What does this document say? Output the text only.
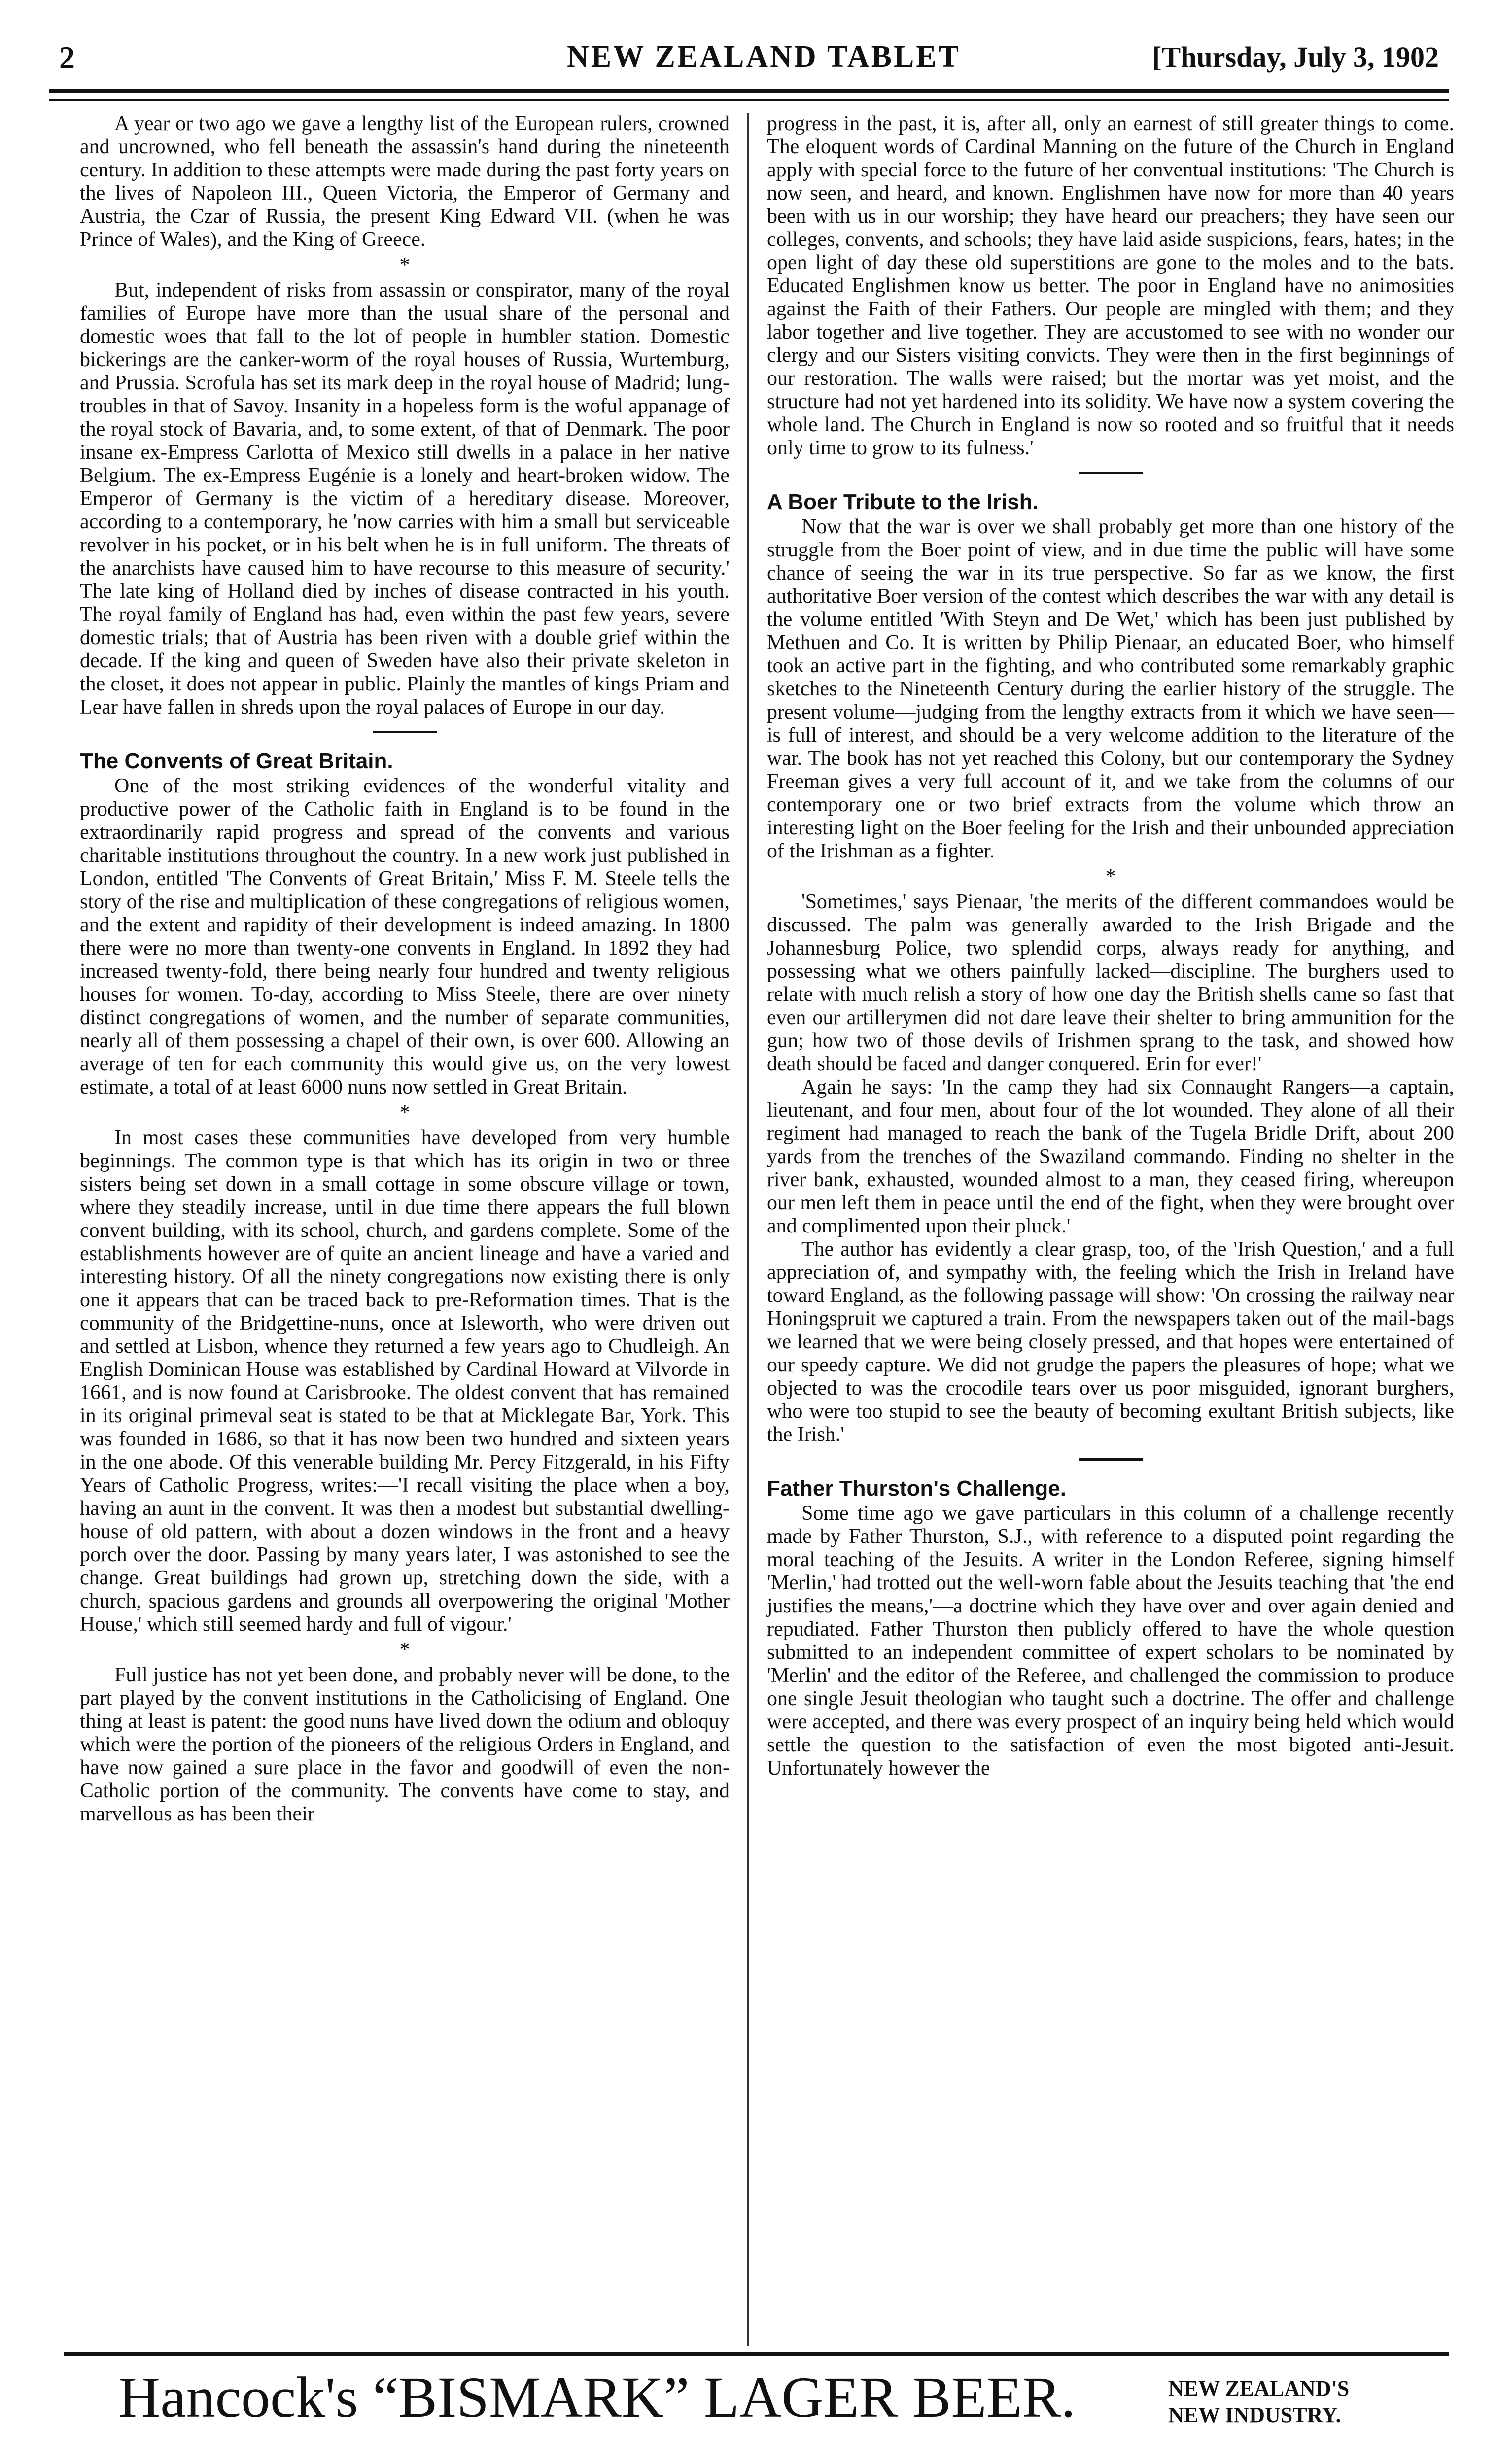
2	NEW ZEALAND TABLET	[Thursday, July 3, 1902

A year or two ago we gave a lengthy list of the European rulers, crowned and uncrowned, who fell beneath the assassin's hand during the nineteenth century. In addition to these attempts were made during the past forty years on the lives of Napoleon III., Queen Victoria, the Emperor of Germany and Austria, the Czar of Russia, the present King Edward VII. (when he was Prince of Wales), and the King of Greece.

*

But, independent of risks from assassin or conspirator, many of the royal families of Europe have more than the usual share of the personal and domestic woes that fall to the lot of people in humbler station. Domestic bickerings are the canker-worm of the royal houses of Russia, Wurtemburg, and Prussia. Scrofula has set its mark deep in the royal house of Madrid; lung-troubles in that of Savoy. Insanity in a hopeless form is the woful appanage of the royal stock of Bavaria, and, to some extent, of that of Denmark. The poor insane ex-Empress Carlotta of Mexico still dwells in a palace in her native Belgium. The ex-Empress Eugénie is a lonely and heart-broken widow. The Emperor of Germany is the victim of a hereditary disease. Moreover, according to a contemporary, he 'now carries with him a small but serviceable revolver in his pocket, or in his belt when he is in full uniform. The threats of the anarchists have caused him to have recourse to this measure of security.' The late king of Holland died by inches of disease contracted in his youth. The royal family of England has had, even within the past few years, severe domestic trials; that of Austria has been riven with a double grief within the decade. If the king and queen of Sweden have also their private skeleton in the closet, it does not appear in public. Plainly the mantles of kings Priam and Lear have fallen in shreds upon the royal palaces of Europe in our day.

The Convents of Great Britain.

One of the most striking evidences of the wonderful vitality and productive power of the Catholic faith in England is to be found in the extraordinarily rapid progress and spread of the convents and various charitable institutions throughout the country. In a new work just published in London, entitled 'The Convents of Great Britain,' Miss F. M. Steele tells the story of the rise and multiplication of these congregations of religious women, and the extent and rapidity of their development is indeed amazing. In 1800 there were no more than twenty-one convents in England. In 1892 they had increased twenty-fold, there being nearly four hundred and twenty religious houses for women. To-day, according to Miss Steele, there are over ninety distinct congregations of women, and the number of separate communities, nearly all of them possessing a chapel of their own, is over 600. Allowing an average of ten for each community this would give us, on the very lowest estimate, a total of at least 6000 nuns now settled in Great Britain.

*

In most cases these communities have developed from very humble beginnings. The common type is that which has its origin in two or three sisters being set down in a small cottage in some obscure village or town, where they steadily increase, until in due time there appears the full blown convent building, with its school, church, and gardens complete. Some of the establishments however are of quite an ancient lineage and have a varied and interesting history. Of all the ninety congregations now existing there is only one it appears that can be traced back to pre-Reformation times. That is the community of the Bridgettine-nuns, once at Isleworth, who were driven out and settled at Lisbon, whence they returned a few years ago to Chudleigh. An English Dominican House was established by Cardinal Howard at Vilvorde in 1661, and is now found at Carisbrooke. The oldest convent that has remained in its original primeval seat is stated to be that at Micklegate Bar, York. This was founded in 1686, so that it has now been two hundred and sixteen years in the one abode. Of this venerable building Mr. Percy Fitzgerald, in his Fifty Years of Catholic Progress, writes:—'I recall visiting the place when a boy, having an aunt in the convent. It was then a modest but substantial dwelling-house of old pattern, with about a dozen windows in the front and a heavy porch over the door. Passing by many years later, I was astonished to see the change. Great buildings had grown up, stretching down the side, with a church, spacious gardens and grounds all overpowering the original 'Mother House,' which still seemed hardy and full of vigour.'

*

Full justice has not yet been done, and probably never will be done, to the part played by the convent institutions in the Catholicising of England. One thing at least is patent: the good nuns have lived down the odium and obloquy which were the portion of the pioneers of the religious Orders in England, and have now gained a sure place in the favor and goodwill of even the non-Catholic portion of the community. The convents have come to stay, and marvellous as has been their

progress in the past, it is, after all, only an earnest of still greater things to come. The eloquent words of Cardinal Manning on the future of the Church in England apply with special force to the future of her conventual institutions: 'The Church is now seen, and heard, and known. Englishmen have now for more than 40 years been with us in our worship; they have heard our preachers; they have seen our colleges, convents, and schools; they have laid aside suspicions, fears, hates; in the open light of day these old superstitions are gone to the moles and to the bats. Educated Englishmen know us better. The poor in England have no animosities against the Faith of their Fathers. Our people are mingled with them; and they labor together and live together. They are accustomed to see with no wonder our clergy and our Sisters visiting convicts. They were then in the first beginnings of our restoration. The walls were raised; but the mortar was yet moist, and the structure had not yet hardened into its solidity. We have now a system covering the whole land. The Church in England is now so rooted and so fruitful that it needs only time to grow to its fulness.'

A Boer Tribute to the Irish.

Now that the war is over we shall probably get more than one history of the struggle from the Boer point of view, and in due time the public will have some chance of seeing the war in its true perspective. So far as we know, the first authoritative Boer version of the contest which describes the war with any detail is the volume entitled 'With Steyn and De Wet,' which has been just published by Methuen and Co. It is written by Philip Pienaar, an educated Boer, who himself took an active part in the fighting, and who contributed some remarkably graphic sketches to the Nineteenth Century during the earlier history of the struggle. The present volume—judging from the lengthy extracts from it which we have seen—is full of interest, and should be a very welcome addition to the literature of the war. The book has not yet reached this Colony, but our contemporary the Sydney Freeman gives a very full account of it, and we take from the columns of our contemporary one or two brief extracts from the volume which throw an interesting light on the Boer feeling for the Irish and their unbounded appreciation of the Irishman as a fighter.

*

'Sometimes,' says Pienaar, 'the merits of the different commandoes would be discussed. The palm was generally awarded to the Irish Brigade and the Johannesburg Police, two splendid corps, always ready for anything, and possessing what we others painfully lacked—discipline. The burghers used to relate with much relish a story of how one day the British shells came so fast that even our artillerymen did not dare leave their shelter to bring ammunition for the gun; how two of those devils of Irishmen sprang to the task, and showed how death should be faced and danger conquered. Erin for ever!'

Again he says: 'In the camp they had six Connaught Rangers—a captain, lieutenant, and four men, about four of the lot wounded. They alone of all their regiment had managed to reach the bank of the Tugela Bridle Drift, about 200 yards from the trenches of the Swaziland commando. Finding no shelter in the river bank, exhausted, wounded almost to a man, they ceased firing, whereupon our men left them in peace until the end of the fight, when they were brought over and complimented upon their pluck.'

The author has evidently a clear grasp, too, of the 'Irish Question,' and a full appreciation of, and sympathy with, the feeling which the Irish in Ireland have toward England, as the following passage will show: 'On crossing the railway near Honingspruit we captured a train. From the newspapers taken out of the mail-bags we learned that we were being closely pressed, and that hopes were entertained of our speedy capture. We did not grudge the papers the pleasures of hope; what we objected to was the crocodile tears over us poor misguided, ignorant burghers, who were too stupid to see the beauty of becoming exultant British subjects, like the Irish.'

Father Thurston's Challenge.

Some time ago we gave particulars in this column of a challenge recently made by Father Thurston, S.J., with reference to a disputed point regarding the moral teaching of the Jesuits. A writer in the London Referee, signing himself 'Merlin,' had trotted out the well-worn fable about the Jesuits teaching that 'the end justifies the means,'—a doctrine which they have over and over again denied and repudiated. Father Thurston then publicly offered to have the whole question submitted to an independent committee of expert scholars to be nominated by 'Merlin' and the editor of the Referee, and challenged the commission to produce one single Jesuit theologian who taught such a doctrine. The offer and challenge were accepted, and there was every prospect of an inquiry being held which would settle the question to the satisfaction of even the most bigoted anti-Jesuit. Unfortunately however the

Hancock's “BISMARK” LAGER BEER.	NEW ZEALAND'S
NEW INDUSTRY.
